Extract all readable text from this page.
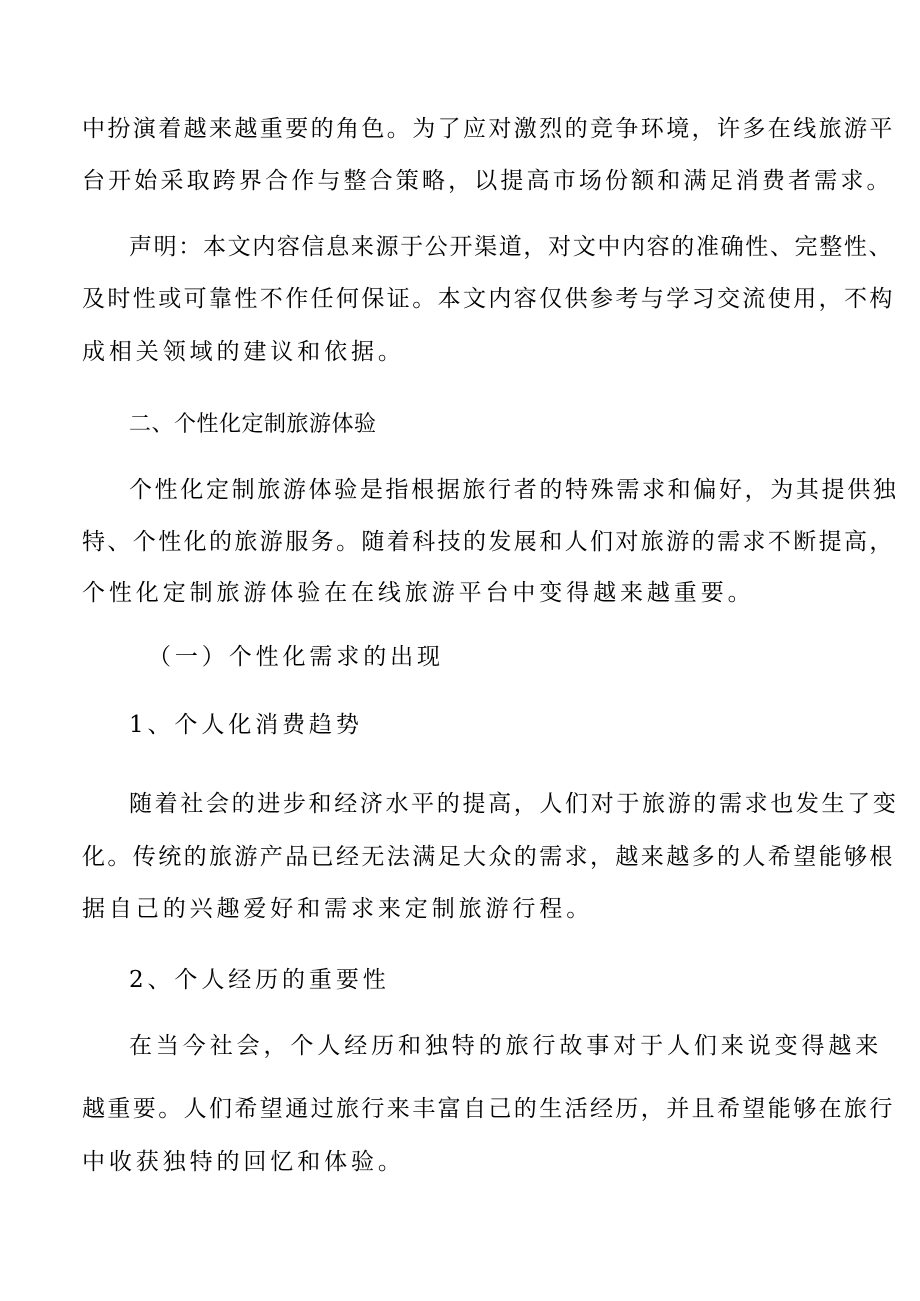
中扮演着越来越重要的角色。为了应对激烈的竞争环境，许多在线旅游平
台开始采取跨界合作与整合策略，以提高市场份额和满足消费者需求。
声明：本文内容信息来源于公开渠道，对文中内容的准确性、完整性、
及时性或可靠性不作任何保证。本文内容仅供参考与学习交流使用，不构
成相关领域的建议和依据。
二、个性化定制旅游体验
个性化定制旅游体验是指根据旅行者的特殊需求和偏好，为其提供独
特、个性化的旅游服务。随着科技的发展和人们对旅游的需求不断提高，
个性化定制旅游体验在在线旅游平台中变得越来越重要。
（一）个性化需求的出现
1、个人化消费趋势
随着社会的进步和经济水平的提高，人们对于旅游的需求也发生了变
化。传统的旅游产品已经无法满足大众的需求，越来越多的人希望能够根
据自己的兴趣爱好和需求来定制旅游行程。
2、个人经历的重要性
在当今社会，个人经历和独特的旅行故事对于人们来说变得越来
越重要。人们希望通过旅行来丰富自己的生活经历，并且希望能够在旅行
中收获独特的回忆和体验。
